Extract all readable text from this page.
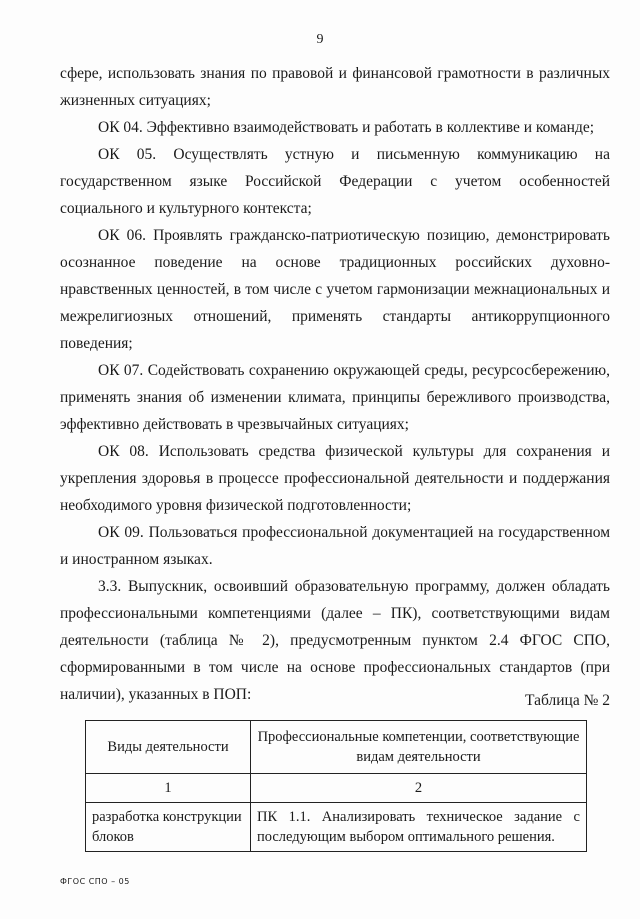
9

сфере, использовать знания по правовой и финансовой грамотности в различных жизненных ситуациях;

ОК 04. Эффективно взаимодействовать и работать в коллективе и команде;

ОК 05. Осуществлять устную и письменную коммуникацию на государственном языке Российской Федерации с учетом особенностей социального и культурного контекста;

ОК 06. Проявлять гражданско-патриотическую позицию, демонстрировать осознанное поведение на основе традиционных российских духовно-нравственных ценностей, в том числе с учетом гармонизации межнациональных и межрелигиозных отношений, применять стандарты антикоррупционного поведения;

ОК 07. Содействовать сохранению окружающей среды, ресурсосбережению, применять знания об изменении климата, принципы бережливого производства, эффективно действовать в чрезвычайных ситуациях;

ОК 08. Использовать средства физической культуры для сохранения и укрепления здоровья в процессе профессиональной деятельности и поддержания необходимого уровня физической подготовленности;

ОК 09. Пользоваться профессиональной документацией на государственном и иностранном языках.

3.3. Выпускник, освоивший образовательную программу, должен обладать профессиональными компетенциями (далее – ПК), соответствующими видам деятельности (таблица № 2), предусмотренным пунктом 2.4 ФГОС СПО, сформированными в том числе на основе профессиональных стандартов (при наличии), указанных в ПОП:	Таблица № 2
Виды деятельности	Профессиональные компетенции, соответствующие видам деятельности
1	2
разработка конструкции блоков	ПК 1.1. Анализировать техническое задание с последующим выбором оптимального решения.
ФГОС СПО – 05
